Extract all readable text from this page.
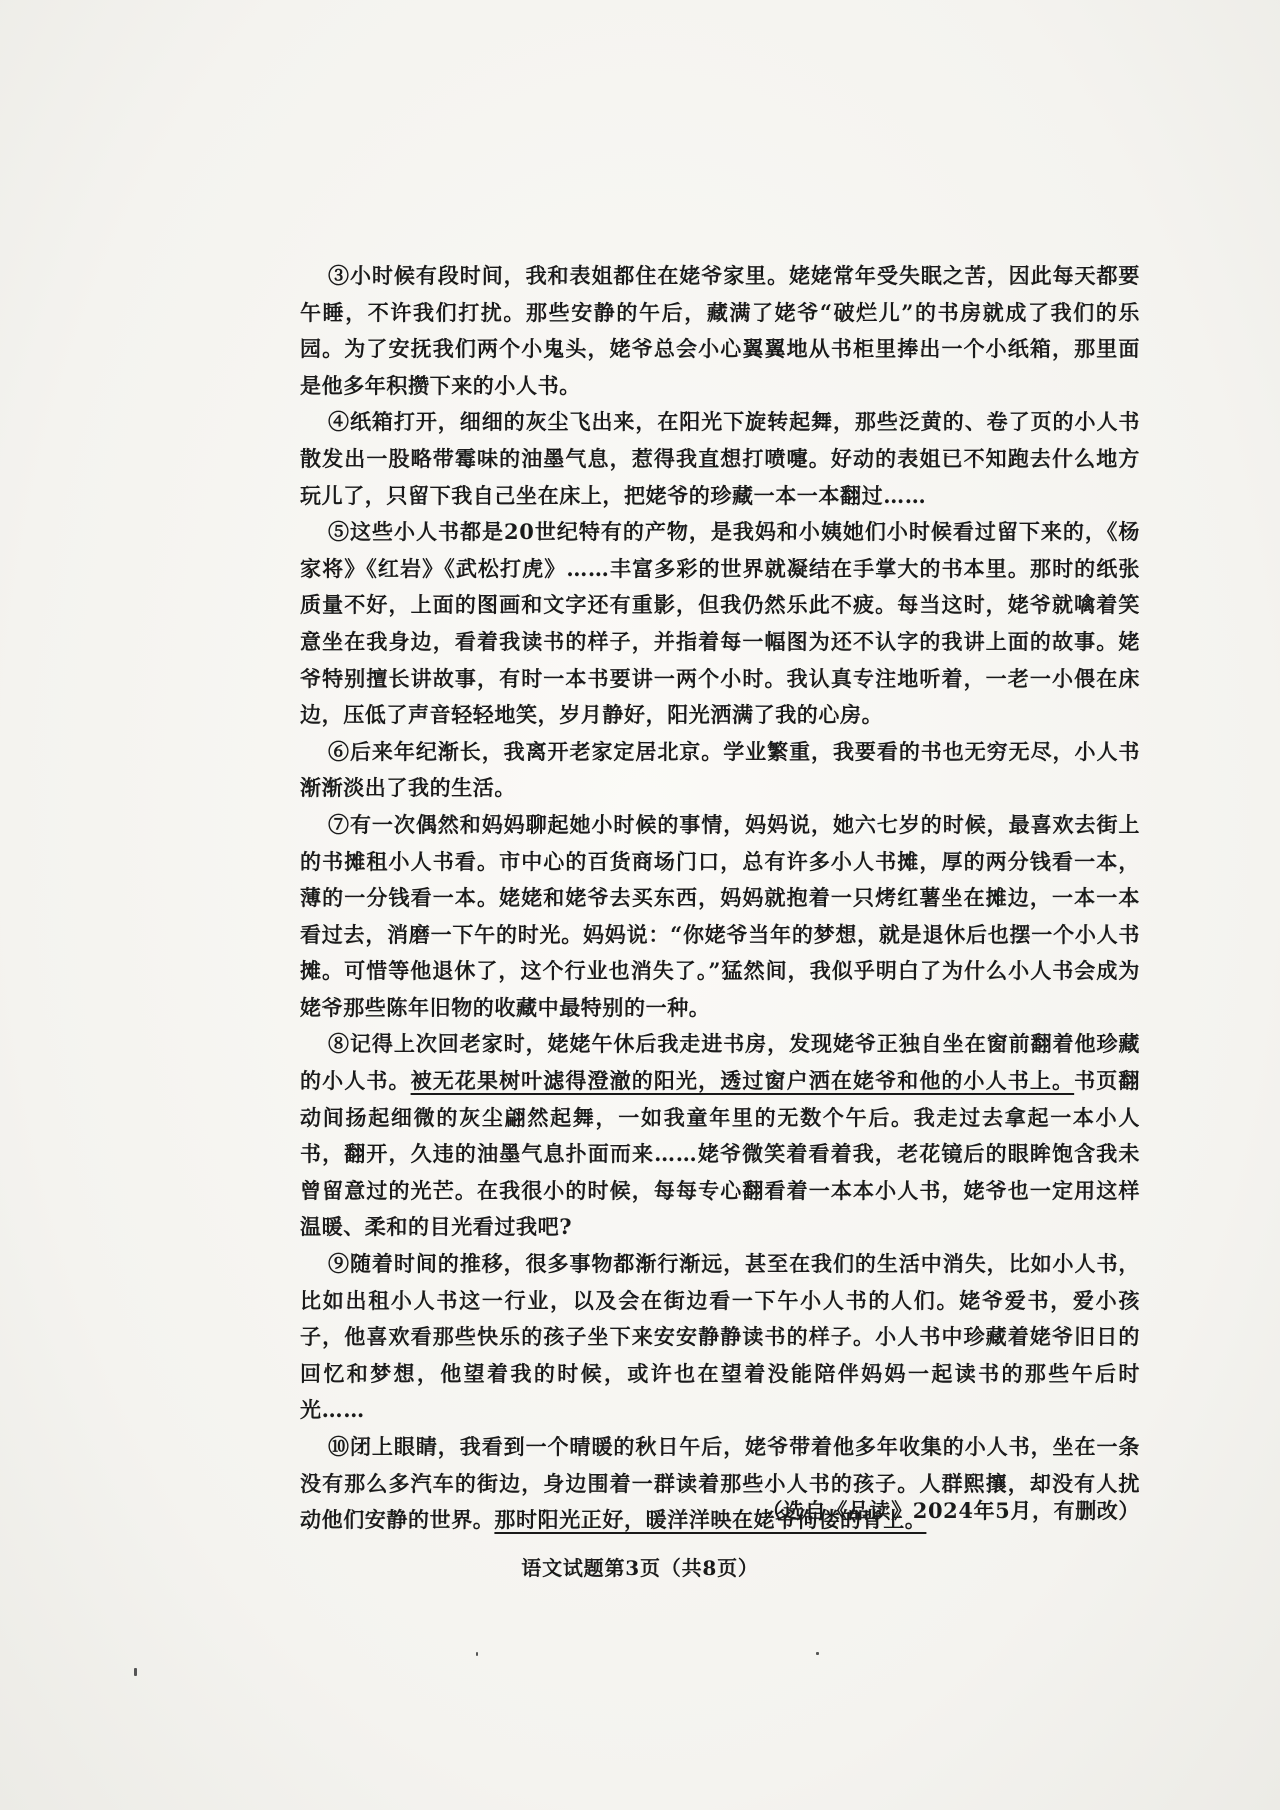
③小时候有段时间，我和表姐都住在姥爷家里。姥姥常年受失眠之苦，因此每天都要午睡，不许我们打扰。那些安静的午后，藏满了姥爷“破烂儿”的书房就成了我们的乐园。为了安抚我们两个小鬼头，姥爷总会小心翼翼地从书柜里捧出一个小纸箱，那里面是他多年积攒下来的小人书。

④纸箱打开，细细的灰尘飞出来，在阳光下旋转起舞，那些泛黄的、卷了页的小人书散发出一股略带霉味的油墨气息，惹得我直想打喷嚏。好动的表姐已不知跑去什么地方玩儿了，只留下我自己坐在床上，把姥爷的珍藏一本一本翻过……

⑤这些小人书都是20世纪特有的产物，是我妈和小姨她们小时候看过留下来的，《杨家将》《红岩》《武松打虎》……丰富多彩的世界就凝结在手掌大的书本里。那时的纸张质量不好，上面的图画和文字还有重影，但我仍然乐此不疲。每当这时，姥爷就噙着笑意坐在我身边，看着我读书的样子，并指着每一幅图为还不认字的我讲上面的故事。姥爷特别擅长讲故事，有时一本书要讲一两个小时。我认真专注地听着，一老一小偎在床边，压低了声音轻轻地笑，岁月静好，阳光洒满了我的心房。

⑥后来年纪渐长，我离开老家定居北京。学业繁重，我要看的书也无穷无尽，小人书渐渐淡出了我的生活。

⑦有一次偶然和妈妈聊起她小时候的事情，妈妈说，她六七岁的时候，最喜欢去街上的书摊租小人书看。市中心的百货商场门口，总有许多小人书摊，厚的两分钱看一本，薄的一分钱看一本。姥姥和姥爷去买东西，妈妈就抱着一只烤红薯坐在摊边，一本一本看过去，消磨一下午的时光。妈妈说：“你姥爷当年的梦想，就是退休后也摆一个小人书摊。可惜等他退休了，这个行业也消失了。”猛然间，我似乎明白了为什么小人书会成为姥爷那些陈年旧物的收藏中最特别的一种。

⑧记得上次回老家时，姥姥午休后我走进书房，发现姥爷正独自坐在窗前翻着他珍藏的小人书。被无花果树叶滤得澄澈的阳光，透过窗户洒在姥爷和他的小人书上。书页翻动间扬起细微的灰尘翩然起舞，一如我童年里的无数个午后。我走过去拿起一本小人书，翻开，久违的油墨气息扑面而来……姥爷微笑着看着我，老花镜后的眼眸饱含我未曾留意过的光芒。在我很小的时候，每每专心翻看着一本本小人书，姥爷也一定用这样温暖、柔和的目光看过我吧?

⑨随着时间的推移，很多事物都渐行渐远，甚至在我们的生活中消失，比如小人书，比如出租小人书这一行业，以及会在街边看一下午小人书的人们。姥爷爱书，爱小孩子，他喜欢看那些快乐的孩子坐下来安安静静读书的样子。小人书中珍藏着姥爷旧日的回忆和梦想，他望着我的时候，或许也在望着没能陪伴妈妈一起读书的那些午后时光……

⑩闭上眼睛，我看到一个晴暖的秋日午后，姥爷带着他多年收集的小人书，坐在一条没有那么多汽车的街边，身边围着一群读着那些小人书的孩子。人群熙攘，却没有人扰动他们安静的世界。那时阳光正好，暖洋洋映在姥爷佝偻的背上。

（选自《品读》2024年5月，有删改）
语文试题第3页（共8页）
